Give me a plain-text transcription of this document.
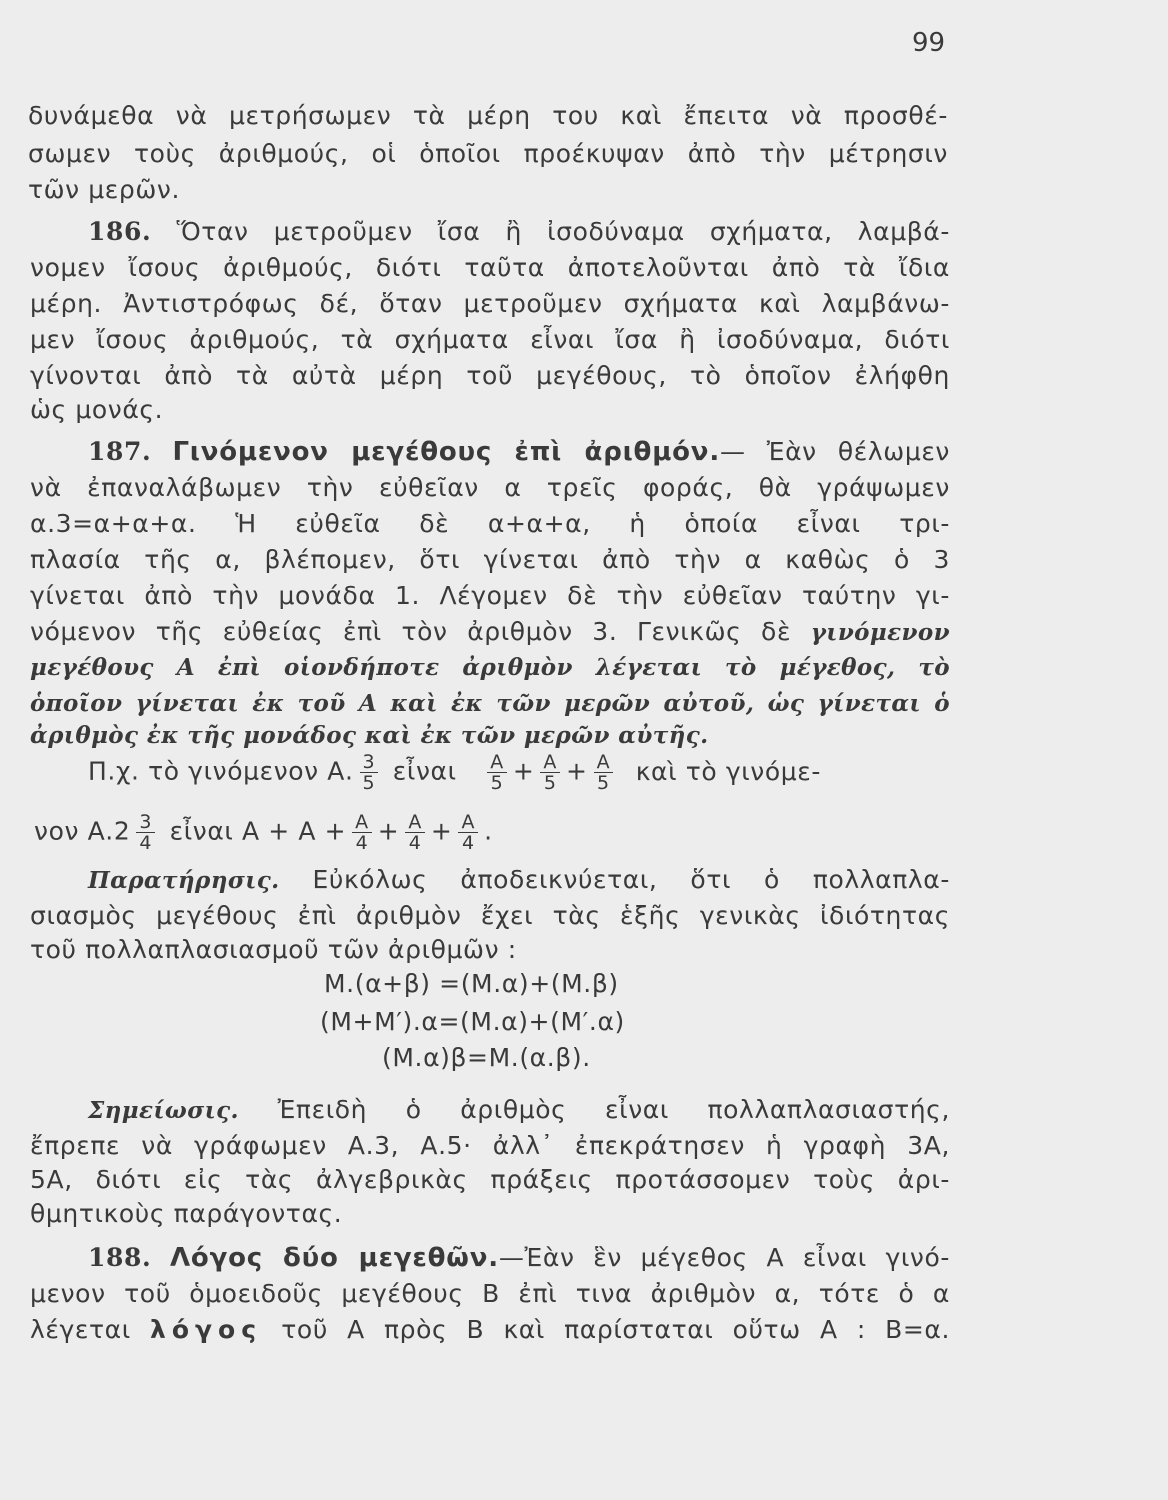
99
δυνάμεθα νὰ μετρήσωμεν τὰ μέρη του καὶ ἔπειτα νὰ προσθέ-
σωμεν τοὺς ἀριθμούς, οἱ ὁποῖοι προέκυψαν ἀπὸ τὴν μέτρησιν
τῶν μερῶν.
186. Ὅταν μετροῦμεν ἴσα ἢ ἰσοδύναμα σχήματα, λαμβά-
νομεν ἴσους ἀριθμούς, διότι ταῦτα ἀποτελοῦνται ἀπὸ τὰ ἴδια
μέρη. Ἀντιστρόφως δέ, ὅταν μετροῦμεν σχήματα καὶ λαμβάνω-
μεν ἴσους ἀριθμούς, τὰ σχήματα εἶναι ἴσα ἢ ἰσοδύναμα, διότι
γίνονται ἀπὸ τὰ αὐτὰ μέρη τοῦ μεγέθους, τὸ ὁποῖον ἐλήφθη
ὡς μονάς.
187. Γινόμενον μεγέθους ἐπὶ ἀριθμόν.— Ἐὰν θέλωμεν
νὰ ἐπαναλάβωμεν τὴν εὐθεῖαν α τρεῖς φοράς, θὰ γράψωμεν
α.3=α+α+α. Ἡ εὐθεῖα δὲ α+α+α, ἡ ὁποία εἶναι τρι-
πλασία τῆς α, βλέπομεν, ὅτι γίνεται ἀπὸ τὴν α καθὼς ὁ 3
γίνεται ἀπὸ τὴν μονάδα 1. Λέγομεν δὲ τὴν εὐθεῖαν ταύτην γι-
νόμενον τῆς εὐθείας ἐπὶ τὸν ἀριθμὸν 3. Γενικῶς δὲ γινόμενον
μεγέθους Α ἐπὶ οἱονδήποτε ἀριθμὸν λέγεται τὸ μέγεθος, τὸ
ὁποῖον γίνεται ἐκ τοῦ Α καὶ ἐκ τῶν μερῶν αὐτοῦ, ὡς γίνεται ὁ
ἀριθμὸς ἐκ τῆς μονάδος καὶ ἐκ τῶν μερῶν αὐτῆς.
Π.χ. τὸ γινόμενον Α. $\frac{3}{5}$ εἶναι $\frac{A}{5} + \frac{A}{5} + \frac{A}{5}$ καὶ τὸ γινόμε-
νον $A.2 \frac{3}{4}$ εἶναι $A + A + \frac{A}{4} + \frac{A}{4} + \frac{A}{4}$ .
Παρατήρησις. Εὐκόλως ἀποδεικνύεται, ὅτι ὁ πολλαπλα-
σιασμὸς μεγέθους ἐπὶ ἀριθμὸν ἔχει τὰς ἑξῆς γενικὰς ἰδιότητας
τοῦ πολλαπλασιασμοῦ τῶν ἀριθμῶν :
Μ.(α+β) =(Μ.α)+(Μ.β)
(Μ+Μ′).α=(Μ.α)+(Μ′.α)
(Μ.α)β=Μ.(α.β).
Σημείωσις. Ἐπειδὴ ὁ ἀριθμὸς εἶναι πολλαπλασιαστής,
ἔπρεπε νὰ γράφωμεν Α.3, Α.5· ἀλλ᾽ ἐπεκράτησεν ἡ γραφὴ 3Α,
5Α, διότι εἰς τὰς ἀλγεβρικὰς πράξεις προτάσσομεν τοὺς ἀρι-
θμητικοὺς παράγοντας.
188. Λόγος δύο μεγεθῶν.—Ἐὰν ἓν μέγεθος Α εἶναι γινό-
μενον τοῦ ὁμοειδοῦς μεγέθους Β ἐπὶ τινα ἀριθμὸν α, τότε ὁ α
λέγεται λόγος τοῦ Α πρὸς Β καὶ παρίσταται οὕτω Α : Β=α.
